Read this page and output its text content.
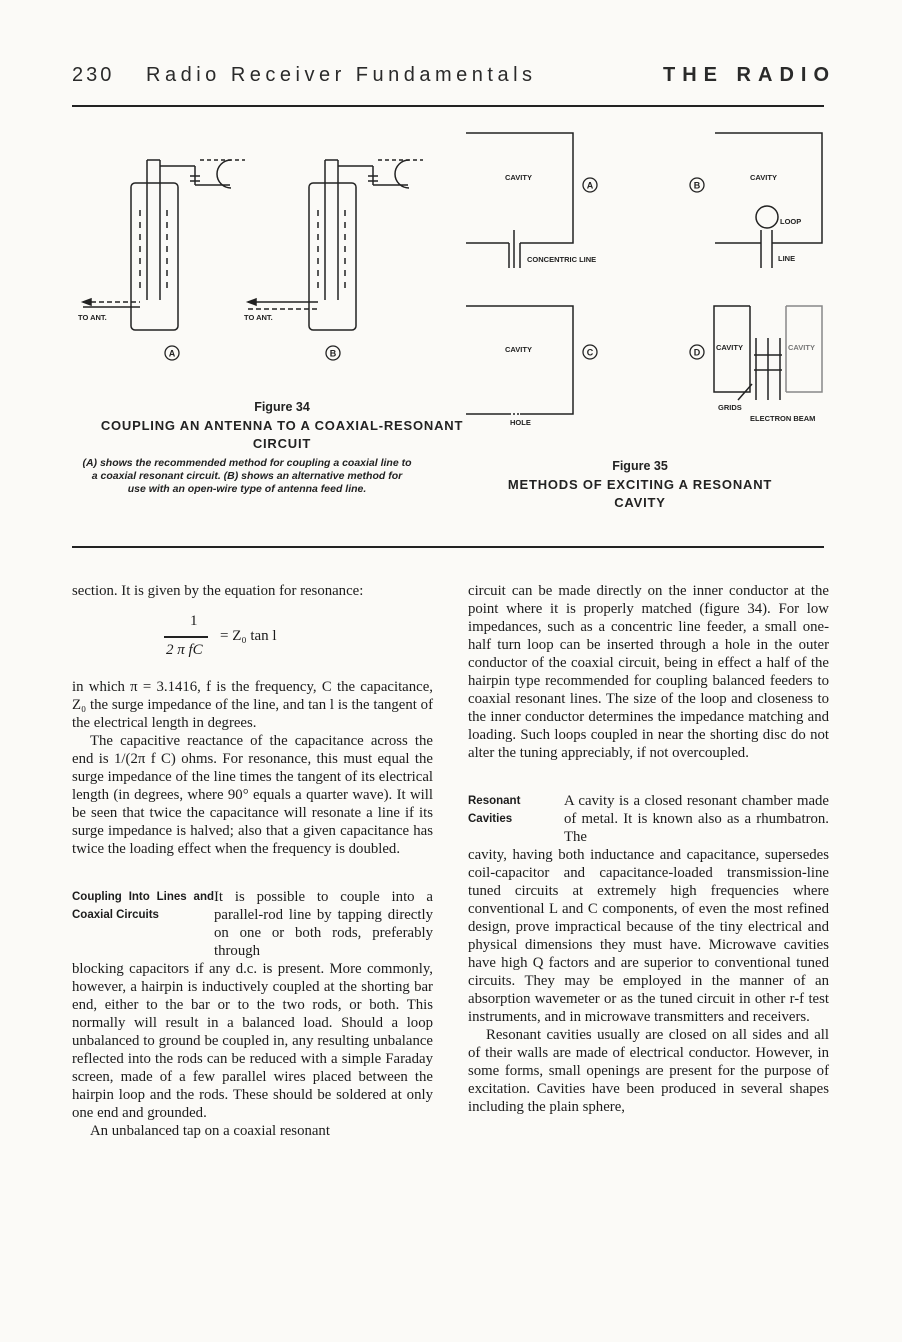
230 Radio Receiver Fundamentals	THE RADIO
A	B
A	B
C	D
TO ANT.	TO ANT.
CAVITY	CAVITY
CAVITY
CONCENTRIC LINE
LOOP
LINE
HOLE
CAVITY	CAVITY
GRIDS
ELECTRON BEAM
Figure 34
COUPLING AN ANTENNA TO A COAXIAL-RESONANT CIRCUIT
(A) shows the recommended method for coupling a coaxial line to a coaxial resonant circuit. (B) shows an alternative method for use with an open-wire type of antenna feed line.
Figure 35
METHODS OF EXCITING A RESONANT CAVITY

section. It is given by the equation for resonance:

1
2 π fC
= Z₀ tan l

in which π = 3.1416, f is the frequency, C the capacitance, Z₀ the surge impedance of the line, and tan l is the tangent of the electrical length in degrees.

The capacitive reactance of the capacitance across the end is 1/(2π f C) ohms. For resonance, this must equal the surge impedance of the line times the tangent of its electrical length (in degrees, where 90° equals a quarter wave). It will be seen that twice the capacitance will resonate a line if its surge impedance is halved; also that a given capacitance has twice the loading effect when the frequency is doubled.

Coupling Into Lines and Coaxial Circuits
It is possible to couple into a parallel-rod line by tapping directly on one or both rods, preferably through

blocking capacitors if any d.c. is present. More commonly, however, a hairpin is inductively coupled at the shorting bar end, either to the bar or to the two rods, or both. This normally will result in a balanced load. Should a loop unbalanced to ground be coupled in, any resulting unbalance reflected into the rods can be reduced with a simple Faraday screen, made of a few parallel wires placed between the hairpin loop and the rods. These should be soldered at only one end and grounded.

An unbalanced tap on a coaxial resonant

circuit can be made directly on the inner conductor at the point where it is properly matched (figure 34). For low impedances, such as a concentric line feeder, a small one-half turn loop can be inserted through a hole in the outer conductor of the coaxial circuit, being in effect a half of the hairpin type recommended for coupling balanced feeders to coaxial resonant lines. The size of the loop and closeness to the inner conductor determines the impedance matching and loading. Such loops coupled in near the shorting disc do not alter the tuning appreciably, if not overcoupled.

Resonant Cavities
A cavity is a closed resonant chamber made of metal. It is known also as a rhumbatron. The

cavity, having both inductance and capacitance, supersedes coil-capacitor and capacitance-loaded transmission-line tuned circuits at extremely high frequencies where conventional L and C components, of even the most refined design, prove impractical because of the tiny electrical and physical dimensions they must have. Microwave cavities have high Q factors and are superior to conventional tuned circuits. They may be employed in the manner of an absorption wavemeter or as the tuned circuit in other r-f test instruments, and in microwave transmitters and receivers.

Resonant cavities usually are closed on all sides and all of their walls are made of electrical conductor. However, in some forms, small openings are present for the purpose of excitation. Cavities have been produced in several shapes including the plain sphere,
